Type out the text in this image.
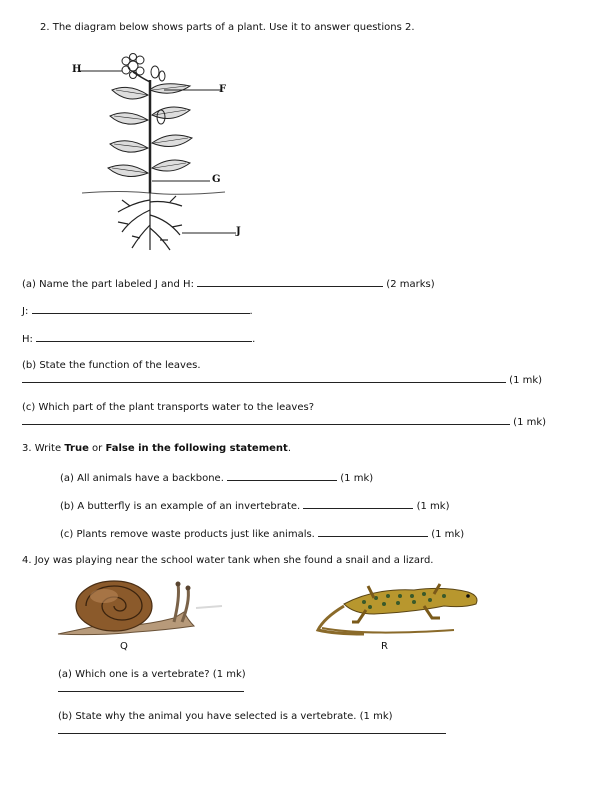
2. The diagram below shows parts of a plant. Use it to answer questions 2.
H
F
G
J
(a) Name the part labeled J and H:	(2 marks)
J:	.
H:	.
(b) State the function of the leaves.
(1 mk)
(c) Which part of the plant transports water to the leaves?
(1 mk)
3. Write True or False in the following statement.
(a) All animals have a backbone.	(1 mk)
(b) A butterfly is an example of an invertebrate.	(1 mk)
(c) Plants remove waste products just like animals.	(1 mk)
4. Joy was playing near the school water tank when she found a snail and a lizard.
Q	R
(a) Which one is a vertebrate? (1 mk)
(b) State why the animal you have selected is a vertebrate. (1 mk)
